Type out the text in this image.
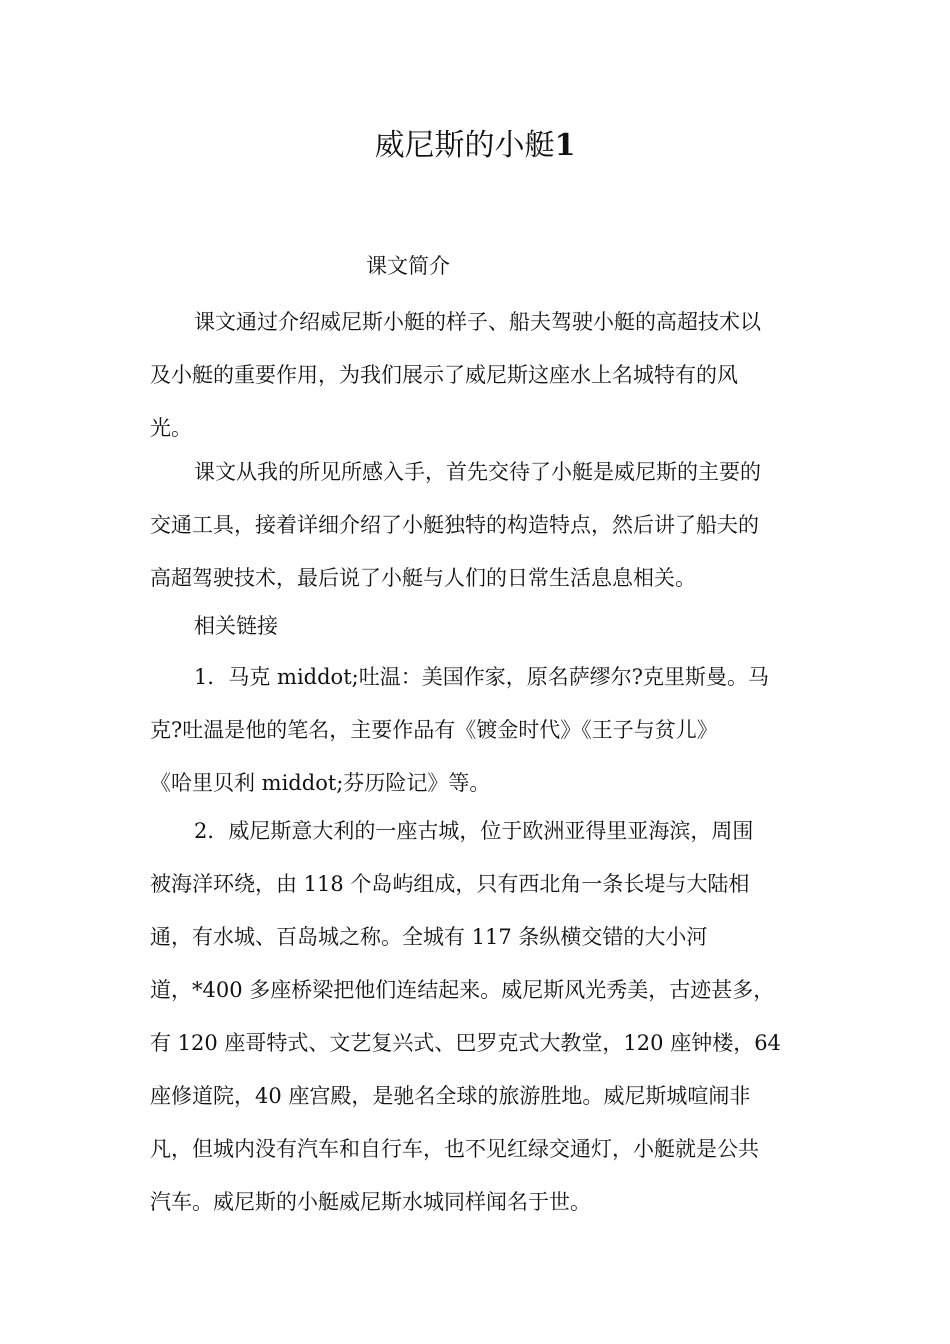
威尼斯的小艇1
课文简介
课文通过介绍威尼斯小艇的样子、船夫驾驶小艇的高超技术以
及小艇的重要作用，为我们展示了威尼斯这座水上名城特有的风
光。
课文从我的所见所感入手，首先交待了小艇是威尼斯的主要的
交通工具，接着详细介绍了小艇独特的构造特点，然后讲了船夫的
高超驾驶技术，最后说了小艇与人们的日常生活息息相关。
相关链接
1．马克 middot;吐温：美国作家，原名萨缪尔?克里斯曼。马
克?吐温是他的笔名，主要作品有《镀金时代》《王子与贫儿》
《哈里贝利 middot;芬历险记》等。
2．威尼斯意大利的一座古城，位于欧洲亚得里亚海滨，周围
被海洋环绕，由 118 个岛屿组成，只有西北角一条长堤与大陆相
通，有水城、百岛城之称。全城有 117 条纵横交错的大小河
道，*400 多座桥梁把他们连结起来。威尼斯风光秀美，古迹甚多，
有 120 座哥特式、文艺复兴式、巴罗克式大教堂，120 座钟楼，64
座修道院，40 座宫殿，是驰名全球的旅游胜地。威尼斯城喧闹非
凡，但城内没有汽车和自行车，也不见红绿交通灯，小艇就是公共
汽车。威尼斯的小艇威尼斯水城同样闻名于世。
